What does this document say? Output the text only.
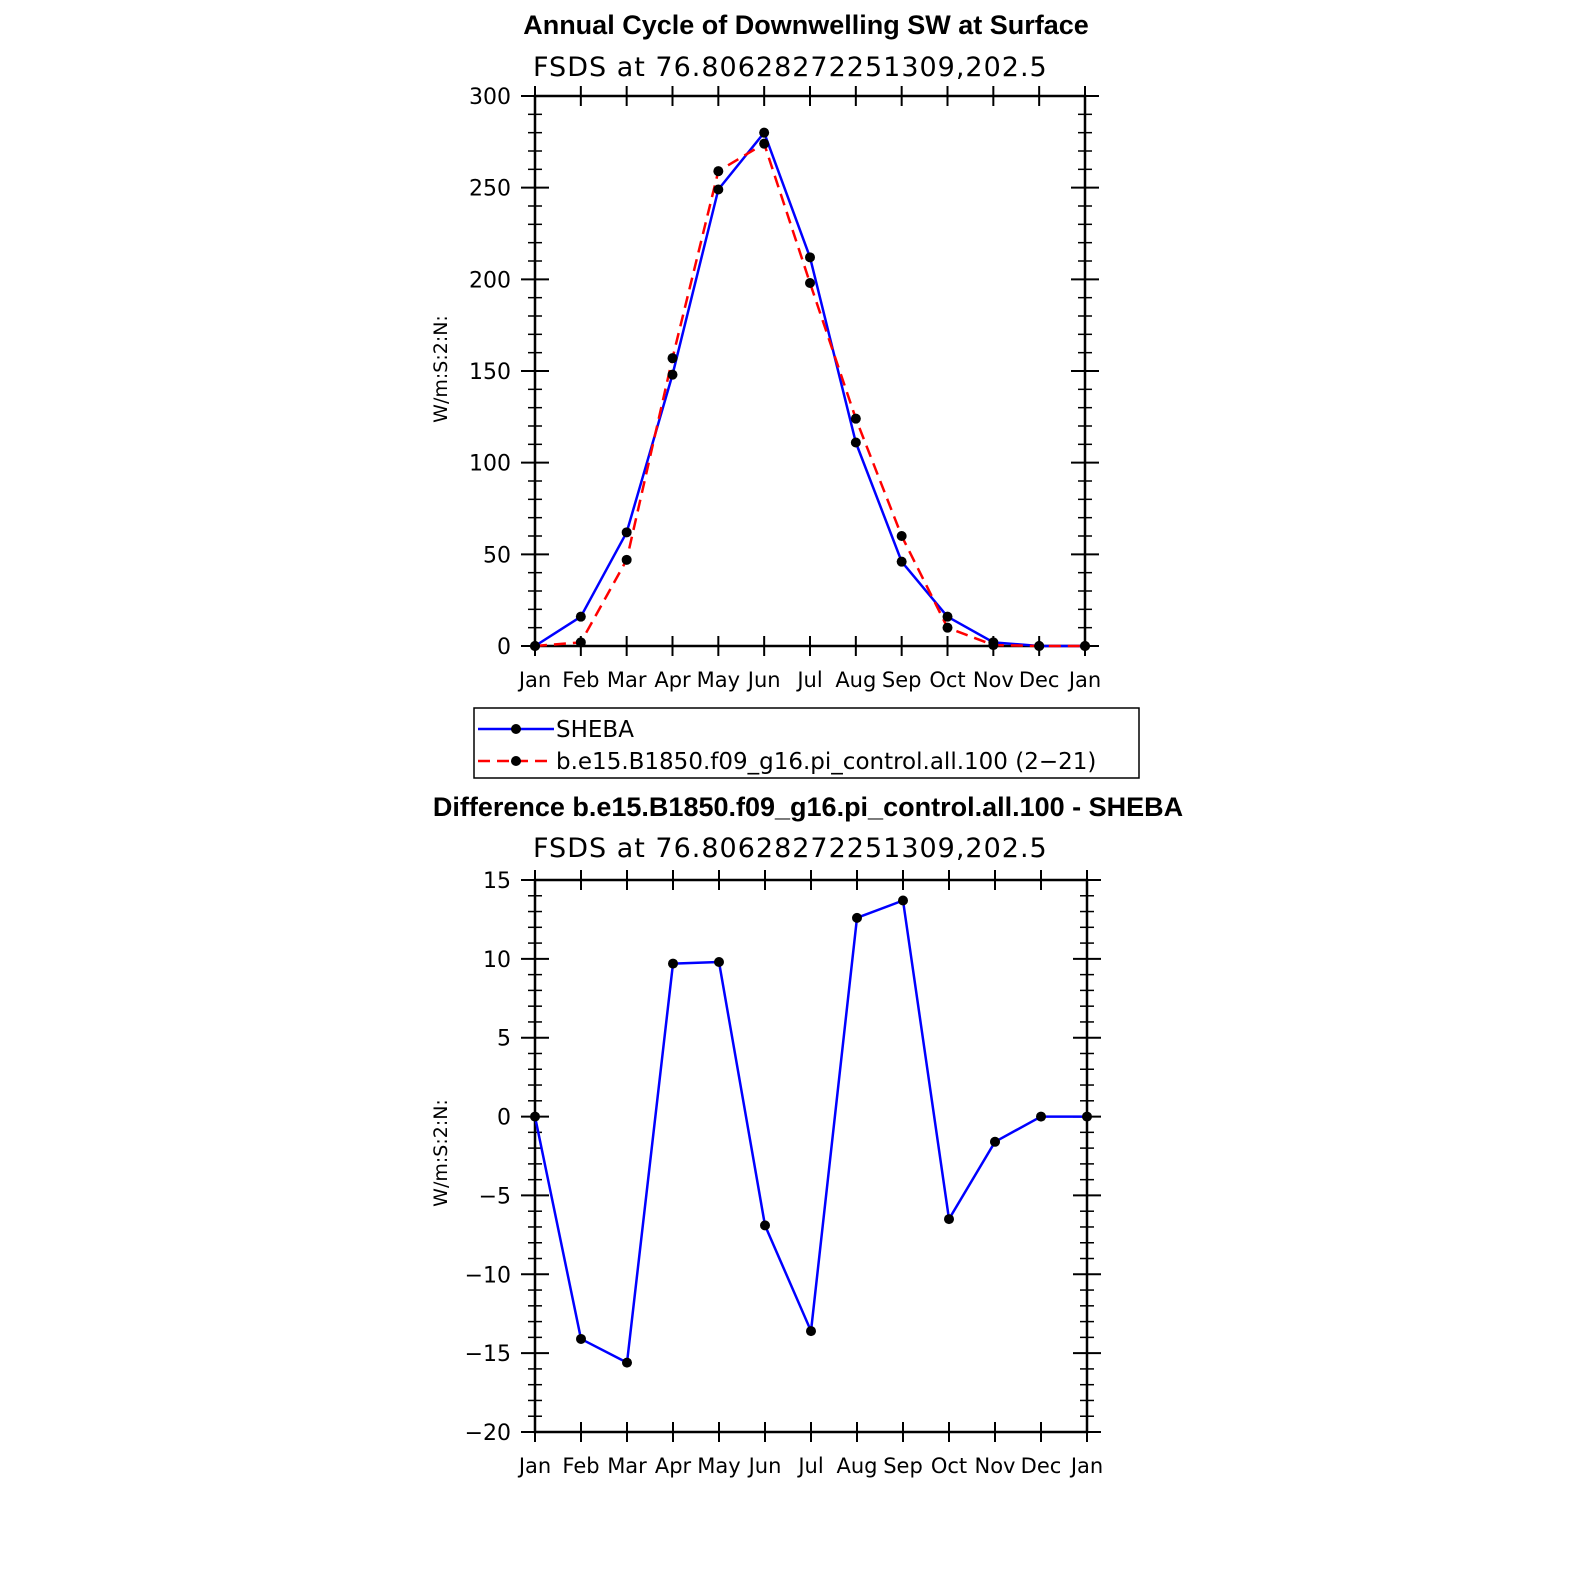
Annual Cycle of Downwelling SW at Surface
FSDS at 76.80628272251309,202.5
W/m:S:2:N:
Jan Feb Mar Apr May Jun Jul Aug Sep Oct Nov Dec Jan
0
50
100
150
200
250
300
SHEBA
b.e15.B1850.f09_g16.pi_control.all.100 (2−21)
Difference b.e15.B1850.f09_g16.pi_control.all.100 - SHEBA
FSDS at 76.80628272251309,202.5
W/m:S:2:N:
Jan Feb Mar Apr May Jun Jul Aug Sep Oct Nov Dec Jan
−20
−15
−10
−5
0
5
10
15
